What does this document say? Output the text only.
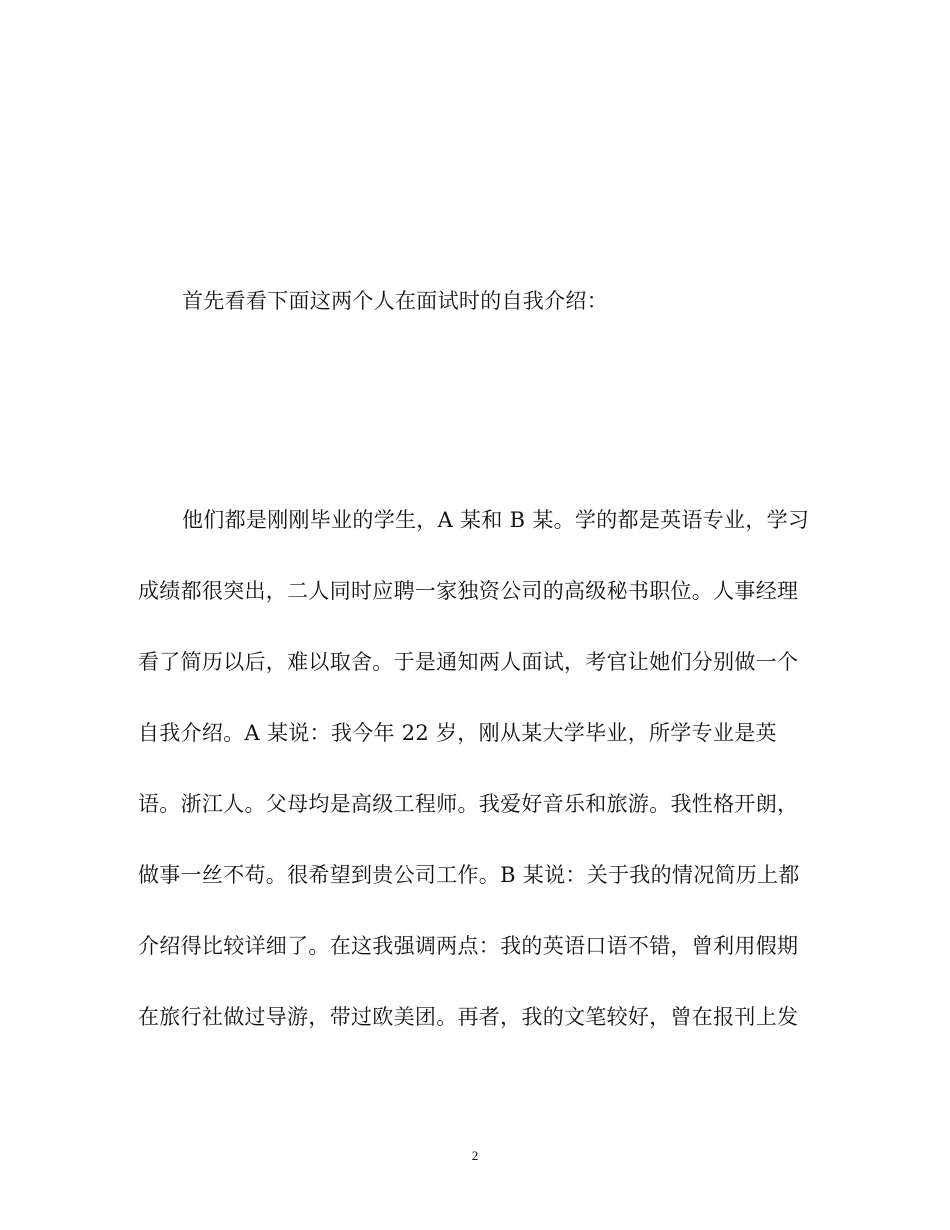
首先看看下面这两个人在面试时的自我介绍：
他们都是刚刚毕业的学生，A 某和 B 某。学的都是英语专业，学习
成绩都很突出，二人同时应聘一家独资公司的高级秘书职位。人事经理
看了简历以后，难以取舍。于是通知两人面试，考官让她们分别做一个
自我介绍。A 某说：我今年 22 岁，刚从某大学毕业，所学专业是英
语。浙江人。父母均是高级工程师。我爱好音乐和旅游。我性格开朗，
做事一丝不苟。很希望到贵公司工作。B 某说：关于我的情况简历上都
介绍得比较详细了。在这我强调两点：我的英语口语不错，曾利用假期
在旅行社做过导游，带过欧美团。再者，我的文笔较好，曾在报刊上发
2
